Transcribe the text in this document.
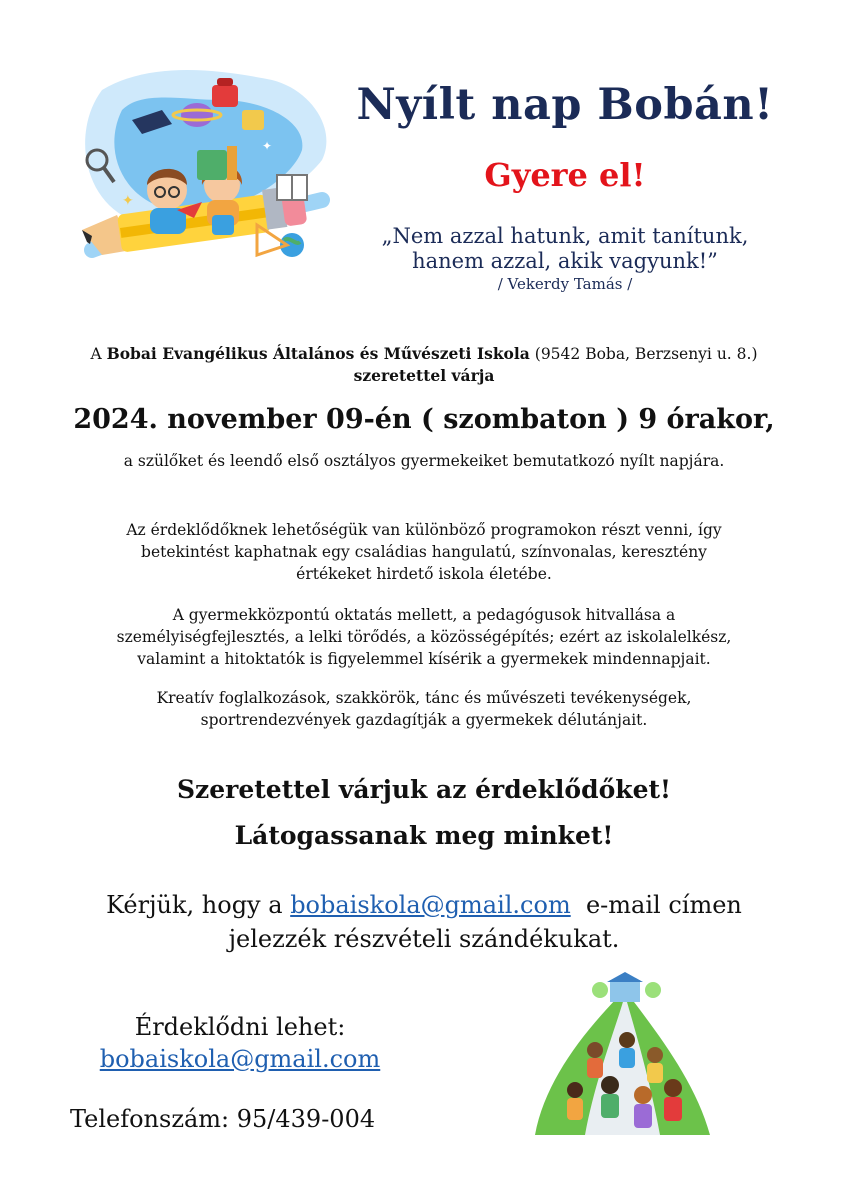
✦
✦
Nyílt nap Bobán!
Gyere el!
„Nem azzal hatunk, amit tanítunk,
hanem azzal, akik vagyunk!”
/ Vekerdy Tamás /
A Bobai Evangélikus Általános és Művészeti Iskola (9542 Boba, Berzsenyi u. 8.)
szeretettel várja
2024. november 09-én ( szombaton ) 9 órakor,
a szülőket és leendő első osztályos gyermekeiket bemutatkozó nyílt napjára.
Az érdeklődőknek lehetőségük van különböző programokon részt venni, így
betekintést kaphatnak egy családias hangulatú, színvonalas, keresztény
értékeket hirdető iskola életébe.
A gyermekközpontú oktatás mellett, a pedagógusok hitvallása a
személyiségfejlesztés, a lelki törődés, a közösségépítés; ezért az iskolalelkész,
valamint a hitoktatók is figyelemmel kísérik a gyermekek mindennapjait.
Kreatív foglalkozások, szakkörök, tánc és művészeti tevékenységek,
sportrendezvények gazdagítják a gyermekek délutánjait.
Szeretettel várjuk az érdeklődőket!
Látogassanak meg minket!
Kérjük, hogy a bobaiskola@gmail.com  e-mail címen
jelezzék részvételi szándékukat.
Érdeklődni lehet:
bobaiskola@gmail.com
Telefonszám: 95/439-004
